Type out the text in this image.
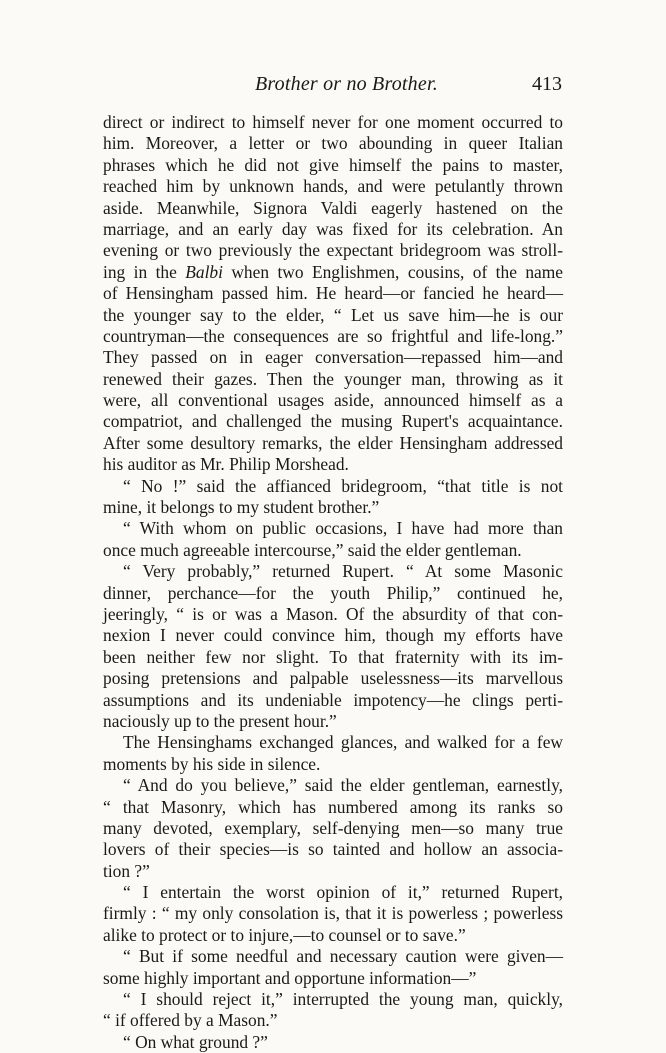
Brother or no Brother.	413
direct or indirect to himself never for one moment occurred to
him. Moreover, a letter or two abounding in queer Italian
phrases which he did not give himself the pains to master,
reached him by unknown hands, and were petulantly thrown
aside. Meanwhile, Signora Valdi eagerly hastened on the
marriage, and an early day was fixed for its celebration. An
evening or two previously the expectant bridegroom was stroll-
ing in the Balbi when two Englishmen, cousins, of the name
of Hensingham passed him. He heard—or fancied he heard—
the younger say to the elder, “ Let us save him—he is our
countryman—the consequences are so frightful and life-long.”
They passed on in eager conversation—repassed him—and
renewed their gazes. Then the younger man, throwing as it
were, all conventional usages aside, announced himself as a
compatriot, and challenged the musing Rupert's acquaintance.
After some desultory remarks, the elder Hensingham addressed
his auditor as Mr. Philip Morshead.
“ No !” said the affianced bridegroom, “that title is not
mine, it belongs to my student brother.”
“ With whom on public occasions, I have had more than
once much agreeable intercourse,” said the elder gentleman.
“ Very probably,” returned Rupert. “ At some Masonic
dinner, perchance—for the youth Philip,” continued he,
jeeringly, “ is or was a Mason. Of the absurdity of that con-
nexion I never could convince him, though my efforts have
been neither few nor slight. To that fraternity with its im-
posing pretensions and palpable uselessness—its marvellous
assumptions and its undeniable impotency—he clings perti-
naciously up to the present hour.”
The Hensinghams exchanged glances, and walked for a few
moments by his side in silence.
“ And do you believe,” said the elder gentleman, earnestly,
“ that Masonry, which has numbered among its ranks so
many devoted, exemplary, self-denying men—so many true
lovers of their species—is so tainted and hollow an associa-
tion ?”
“ I entertain the worst opinion of it,” returned Rupert,
firmly : “ my only consolation is, that it is powerless ; powerless
alike to protect or to injure,—to counsel or to save.”
“ But if some needful and necessary caution were given—
some highly important and opportune information—”
“ I should reject it,” interrupted the young man, quickly,
“ if offered by a Mason.”
“ On what ground ?”
